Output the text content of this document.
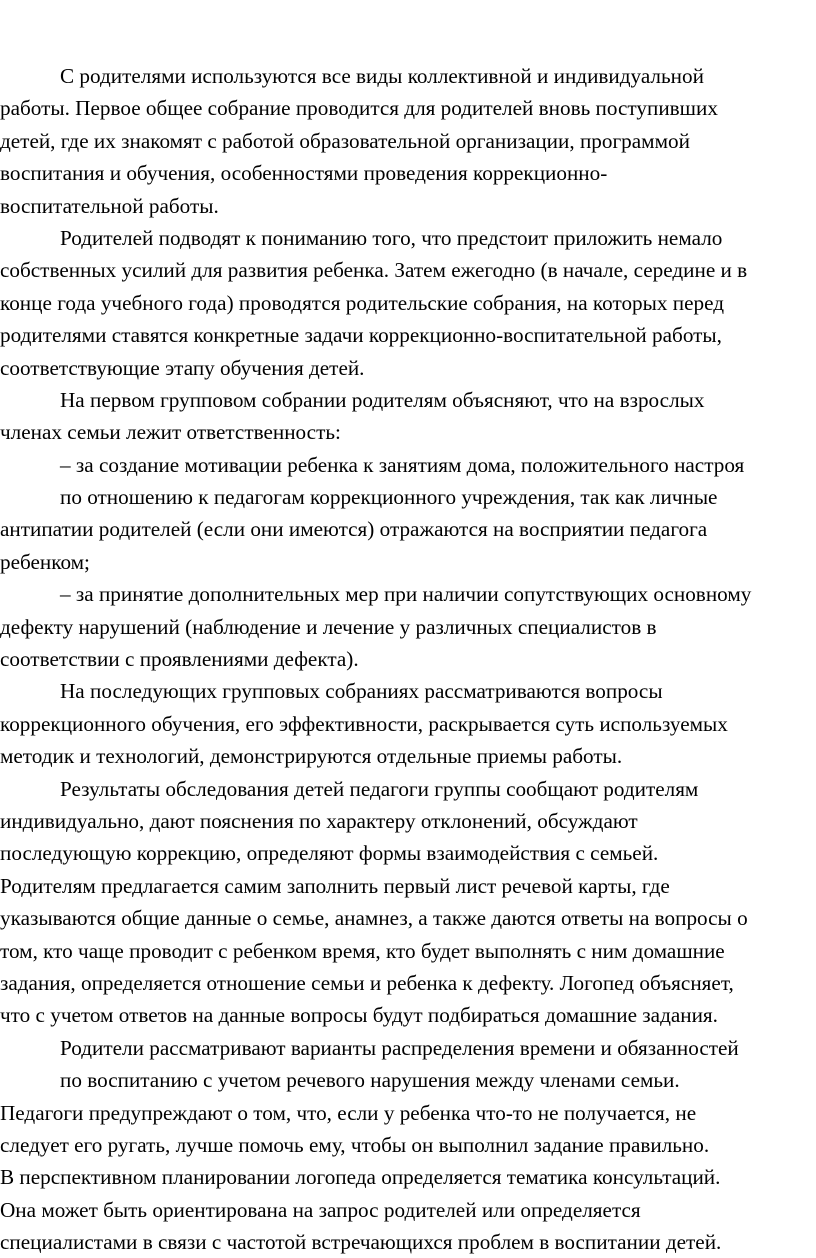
С родителями используются все виды коллективной и индивидуальной
работы. Первое общее собрание проводится для родителей вновь поступивших
детей, где их знакомят с работой образовательной организации, программой
воспитания и обучения, особенностями проведения коррекционно-
воспитательной работы.
Родителей подводят к пониманию того, что предстоит приложить немало
собственных усилий для развития ребенка. Затем ежегодно (в начале, середине и в
конце года учебного года) проводятся родительские собрания, на которых перед
родителями ставятся конкретные задачи коррекционно-воспитательной работы,
соответствующие этапу обучения детей.
На первом групповом собрании родителям объясняют, что на взрослых
членах семьи лежит ответственность:
– за создание мотивации ребенка к занятиям дома, положительного настроя
по отношению к педагогам коррекционного учреждения, так как личные
антипатии родителей (если они имеются) отражаются на восприятии педагога
ребенком;
– за принятие дополнительных мер при наличии сопутствующих основному
дефекту нарушений (наблюдение и лечение у различных специалистов в
соответствии с проявлениями дефекта).
На последующих групповых собраниях рассматриваются вопросы
коррекционного обучения, его эффективности, раскрывается суть используемых
методик и технологий, демонстрируются отдельные приемы работы.
Результаты обследования детей педагоги группы сообщают родителям
индивидуально, дают пояснения по характеру отклонений, обсуждают
последующую коррекцию, определяют формы взаимодействия с семьей.
Родителям предлагается самим заполнить первый лист речевой карты, где
указываются общие данные о семье, анамнез, а также даются ответы на вопросы о
том, кто чаще проводит с ребенком время, кто будет выполнять с ним домашние
задания, определяется отношение семьи и ребенка к дефекту. Логопед объясняет,
что с учетом ответов на данные вопросы будут подбираться домашние задания.
Родители рассматривают варианты распределения времени и обязанностей
по воспитанию с учетом речевого нарушения между членами семьи.
Педагоги предупреждают о том, что, если у ребенка что-то не получается, не
следует его ругать, лучше помочь ему, чтобы он выполнил задание правильно.
В перспективном планировании логопеда определяется тематика консультаций.
Она может быть ориентирована на запрос родителей или определяется
специалистами в связи с частотой встречающихся проблем в воспитании детей.
